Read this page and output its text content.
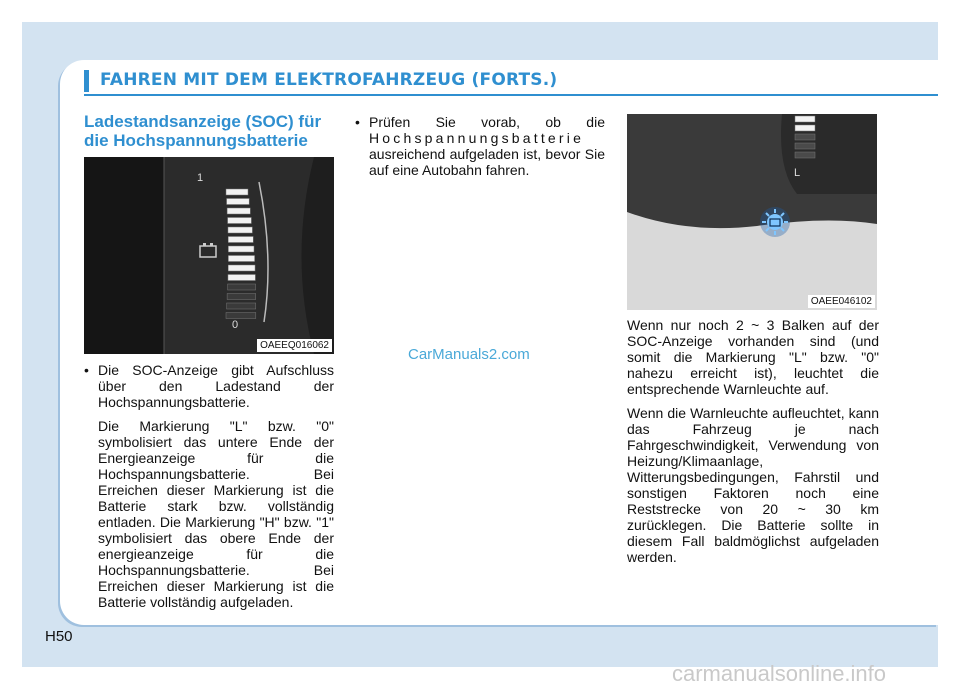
FAHREN MIT DEM ELEKTROFAHRZEUG (FORTS.)
Ladestandsanzeige (SOC) für
die Hochspannungsbatterie
1
0
OAEEQ016062
L
OAEE046102

• Die SOC-Anzeige gibt Aufschluss über den Ladestand der Hochspannungsbatterie.

Die Markierung "L" bzw. "0" symbolisiert das untere Ende der Energieanzeige für die Hochspannungsbatterie. Bei Erreichen dieser Markierung ist die Batterie stark bzw. vollständig entladen. Die Markierung "H" bzw. "1" symbolisiert das obere Ende der energieanzeige für die Hochspannungsbatterie. Bei Erreichen dieser Markierung ist die Batterie vollständig aufgeladen.

• Prüfen Sie vorab, ob die

Hochspannungsbatterie

ausreichend aufgeladen ist, bevor Sie auf eine Autobahn fahren.

CarManuals2.com

Wenn nur noch 2 ~ 3 Balken auf der SOC-Anzeige vorhanden sind (und somit die Markierung "L" bzw. "0" nahezu erreicht ist), leuchtet die entsprechende Warnleuchte auf.

Wenn die Warnleuchte aufleuchtet, kann das Fahrzeug je nach Fahrgeschwindigkeit, Verwendung von Heizung/Klimaanlage, Witterungsbedingungen, Fahrstil und sonstigen Faktoren noch eine Reststrecke von 20 ~ 30 km zurücklegen. Die Batterie sollte in diesem Fall baldmöglichst aufgeladen werden.

H50
carmanualsonline.info
